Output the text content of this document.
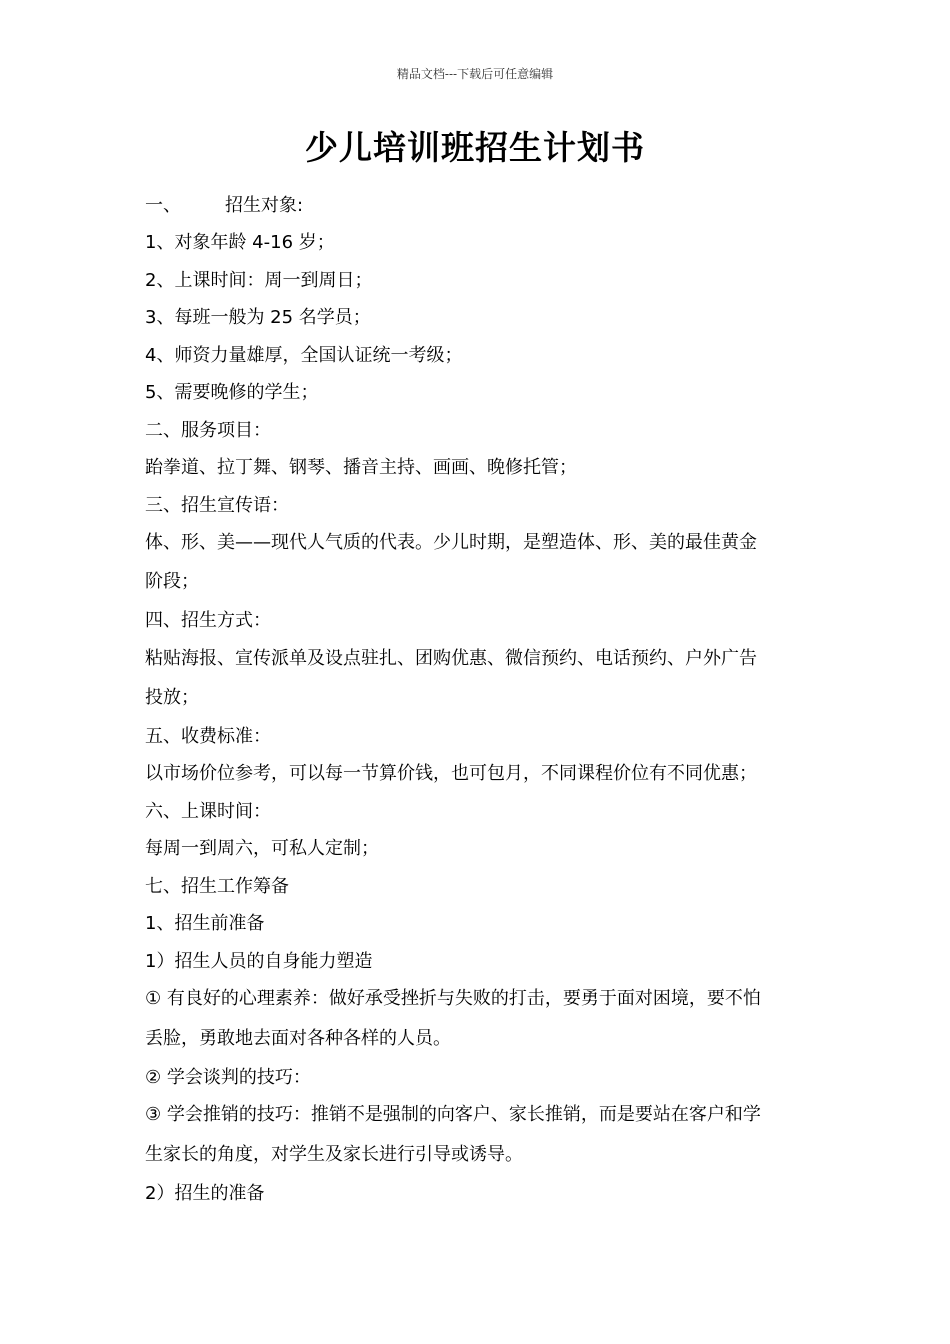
精品文档---下载后可任意编辑
少儿培训班招生计划书
一、 招生对象:
1、对象年龄 4-16 岁；
2、上课时间：周一到周日；
3、每班一般为 25 名学员；
4、师资力量雄厚，全国认证统一考级；
5、需要晚修的学生；
二、服务项目：
跆拳道、拉丁舞、钢琴、播音主持、画画、晚修托管；
三、招生宣传语：
体、形、美——现代人气质的代表。少儿时期，是塑造体、形、美的最佳黄金
阶段；
四、招生方式：
粘贴海报、宣传派单及设点驻扎、团购优惠、微信预约、电话预约、户外广告
投放；
五、收费标准：
以市场价位参考，可以每一节算价钱，也可包月，不同课程价位有不同优惠；
六、上课时间：
每周一到周六，可私人定制；
七、招生工作筹备
1、招生前准备
1）招生人员的自身能力塑造
① 有良好的心理素养：做好承受挫折与失败的打击，要勇于面对困境，要不怕
丢脸，勇敢地去面对各种各样的人员。
② 学会谈判的技巧：
③ 学会推销的技巧：推销不是强制的向客户、家长推销，而是要站在客户和学
生家长的角度，对学生及家长进行引导或诱导。
2）招生的准备
